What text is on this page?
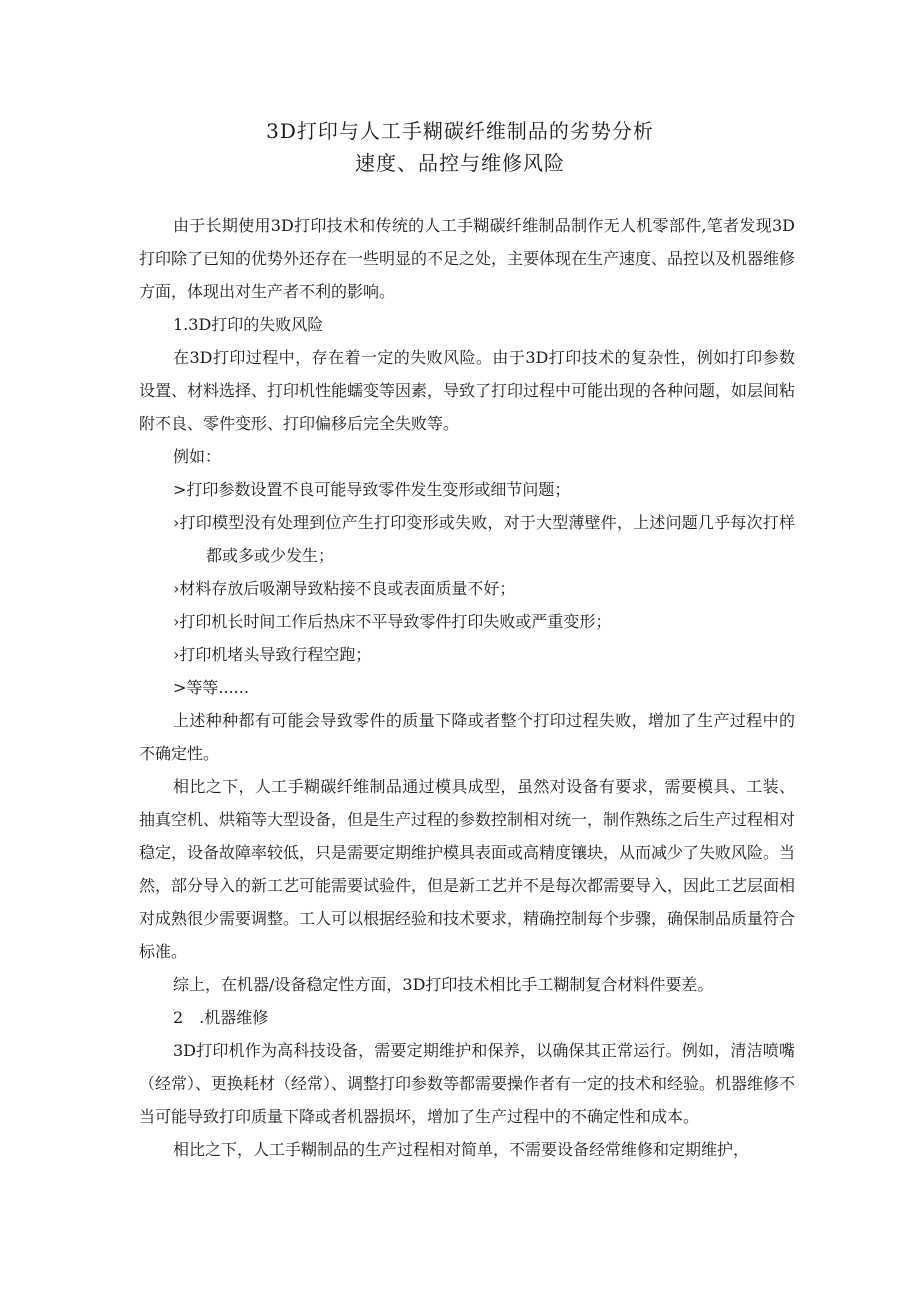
3D打印与人工手糊碳纤维制品的劣势分析
速度、品控与维修风险

由于长期使用3D打印技术和传统的人工手糊碳纤维制品制作无人机零部件,笔者发现3D打印除了已知的优势外还存在一些明显的不足之处，主要体现在生产速度、品控以及机器维修方面，体现出对生产者不利的影响。

1.3D打印的失败风险

在3D打印过程中，存在着一定的失败风险。由于3D打印技术的复杂性，例如打印参数设置、材料选择、打印机性能蠕变等因素，导致了打印过程中可能出现的各种问题，如层间粘附不良、零件变形、打印偏移后完全失败等。

例如：

>打印参数设置不良可能导致零件发生变形或细节问题；

›打印模型没有处理到位产生打印变形或失败，对于大型薄壁件，上述问题几乎每次打样都或多或少发生；

›材料存放后吸潮导致粘接不良或表面质量不好；

›打印机长时间工作后热床不平导致零件打印失败或严重变形；

›打印机堵头导致行程空跑；

>等等......

上述种种都有可能会导致零件的质量下降或者整个打印过程失败，增加了生产过程中的不确定性。

相比之下，人工手糊碳纤维制品通过模具成型，虽然对设备有要求，需要模具、工装、抽真空机、烘箱等大型设备，但是生产过程的参数控制相对统一，制作熟练之后生产过程相对稳定，设备故障率较低，只是需要定期维护模具表面或高精度镶块，从而减少了失败风险。当然，部分导入的新工艺可能需要试验件，但是新工艺并不是每次都需要导入，因此工艺层面相对成熟很少需要调整。工人可以根据经验和技术要求，精确控制每个步骤，确保制品质量符合标准。

综上，在机器/设备稳定性方面，3D打印技术相比手工糊制复合材料件要差。

2　.机器维修

3D打印机作为高科技设备，需要定期维护和保养，以确保其正常运行。例如，清洁喷嘴（经常）、更换耗材（经常）、调整打印参数等都需要操作者有一定的技术和经验。机器维修不当可能导致打印质量下降或者机器损坏，增加了生产过程中的不确定性和成本。

相比之下，人工手糊制品的生产过程相对简单，不需要设备经常维修和定期维护，
